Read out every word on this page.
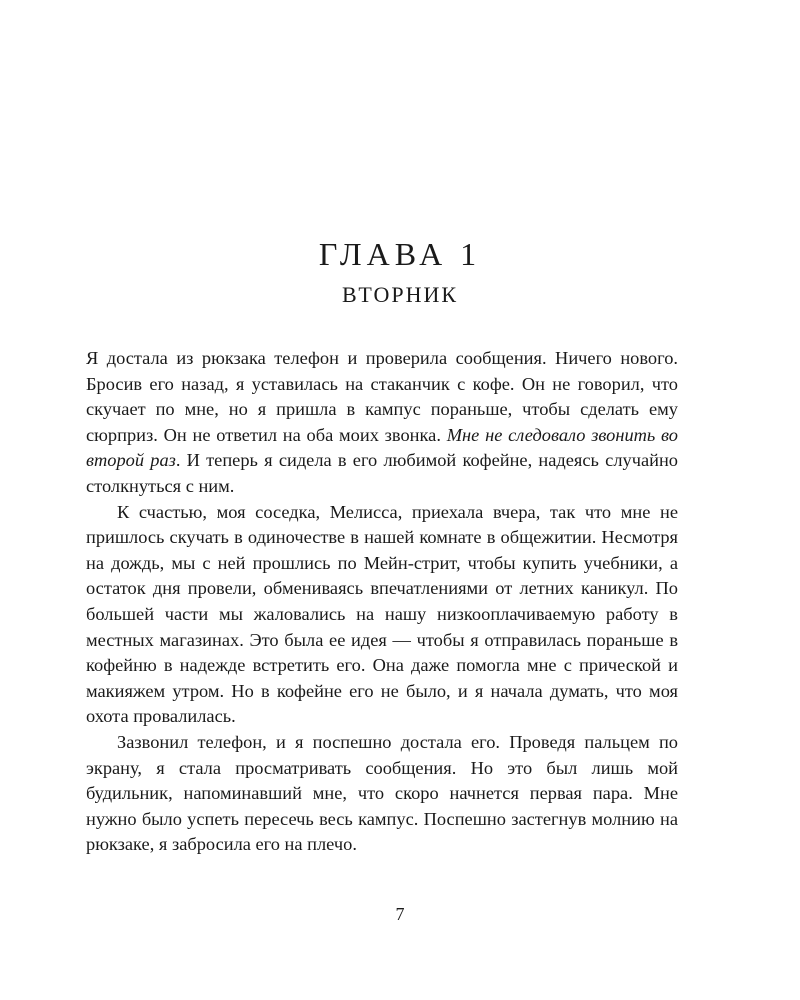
ГЛАВА 1
ВТОРНИК

Я достала из рюкзака телефон и проверила сообщения. Ничего нового. Бросив его назад, я уставилась на стаканчик с кофе. Он не говорил, что скучает по мне, но я пришла в кампус пораньше, чтобы сделать ему сюрприз. Он не ответил на оба моих звонка. Мне не следовало звонить во второй раз. И теперь я сидела в его любимой кофейне, надеясь случайно столкнуться с ним.

К счастью, моя соседка, Мелисса, приехала вчера, так что мне не пришлось скучать в одиночестве в нашей комнате в общежитии. Несмотря на дождь, мы с ней прошлись по Мейн-стрит, чтобы купить учебники, а остаток дня провели, обмениваясь впечатлениями от летних каникул. По большей части мы жаловались на нашу низкооплачиваемую работу в местных магазинах. Это была ее идея — чтобы я отправилась пораньше в кофейню в надежде встретить его. Она даже помогла мне с прической и макияжем утром. Но в кофейне его не было, и я начала думать, что моя охота провалилась.

Зазвонил телефон, и я поспешно достала его. Проведя пальцем по экрану, я стала просматривать сообщения. Но это был лишь мой будильник, напоминавший мне, что скоро начнется первая пара. Мне нужно было успеть пересечь весь кампус. Поспешно застегнув молнию на рюкзаке, я забросила его на плечо.

7
